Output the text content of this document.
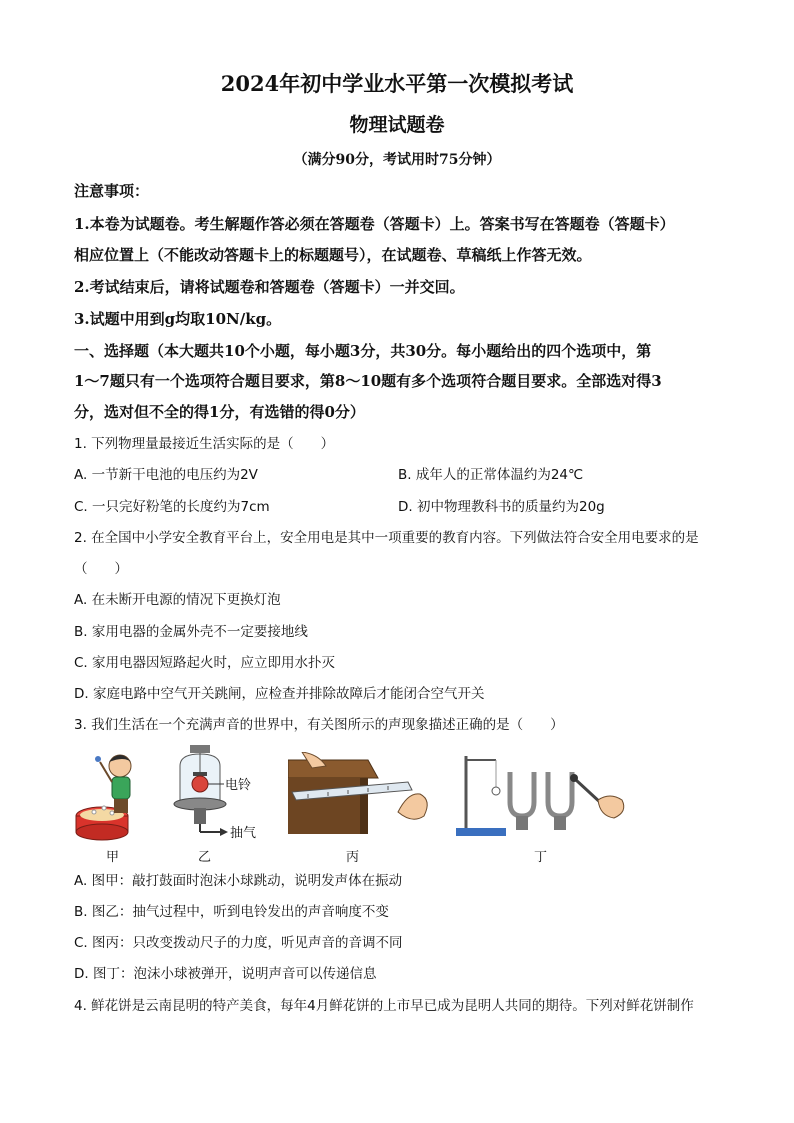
2024年初中学业水平第一次模拟考试
物理试题卷
（满分90分，考试用时75分钟）
注意事项：
1.本卷为试题卷。考生解题作答必须在答题卷（答题卡）上。答案书写在答题卷（答题卡）
相应位置上（不能改动答题卡上的标题题号），在试题卷、草稿纸上作答无效。
2.考试结束后，请将试题卷和答题卷（答题卡）一并交回。
3.试题中用到g均取10N/kg。
一、选择题（本大题共10个小题，每小题3分，共30分。每小题给出的四个选项中，第
1～7题只有一个选项符合题目要求，第8～10题有多个选项符合题目要求。全部选对得3
分，选对但不全的得1分，有选错的得0分）
1. 下列物理量最接近生活实际的是（　　）
A. 一节新干电池的电压约为2V	B. 成年人的正常体温约为24℃
C. 一只完好粉笔的长度约为7cm	D. 初中物理教科书的质量约为20g
2. 在全国中小学安全教育平台上，安全用电是其中一项重要的教育内容。下列做法符合安全用电要求的是
（　　）
A. 在未断开电源的情况下更换灯泡
B. 家用电器的金属外壳不一定要接地线
C. 家用电器因短路起火时，应立即用水扑灭
D. 家庭电路中空气开关跳闸，应检查并排除故障后才能闭合空气开关
3. 我们生活在一个充满声音的世界中，有关图所示的声现象描述正确的是（　　）
电铃
抽气
甲	乙	丙	丁
A. 图甲：敲打鼓面时泡沫小球跳动，说明发声体在振动
B. 图乙：抽气过程中，听到电铃发出的声音响度不变
C. 图丙：只改变拨动尺子的力度，听见声音的音调不同
D. 图丁：泡沫小球被弹开，说明声音可以传递信息
4. 鲜花饼是云南昆明的特产美食，每年4月鲜花饼的上市早已成为昆明人共同的期待。下列对鲜花饼制作
